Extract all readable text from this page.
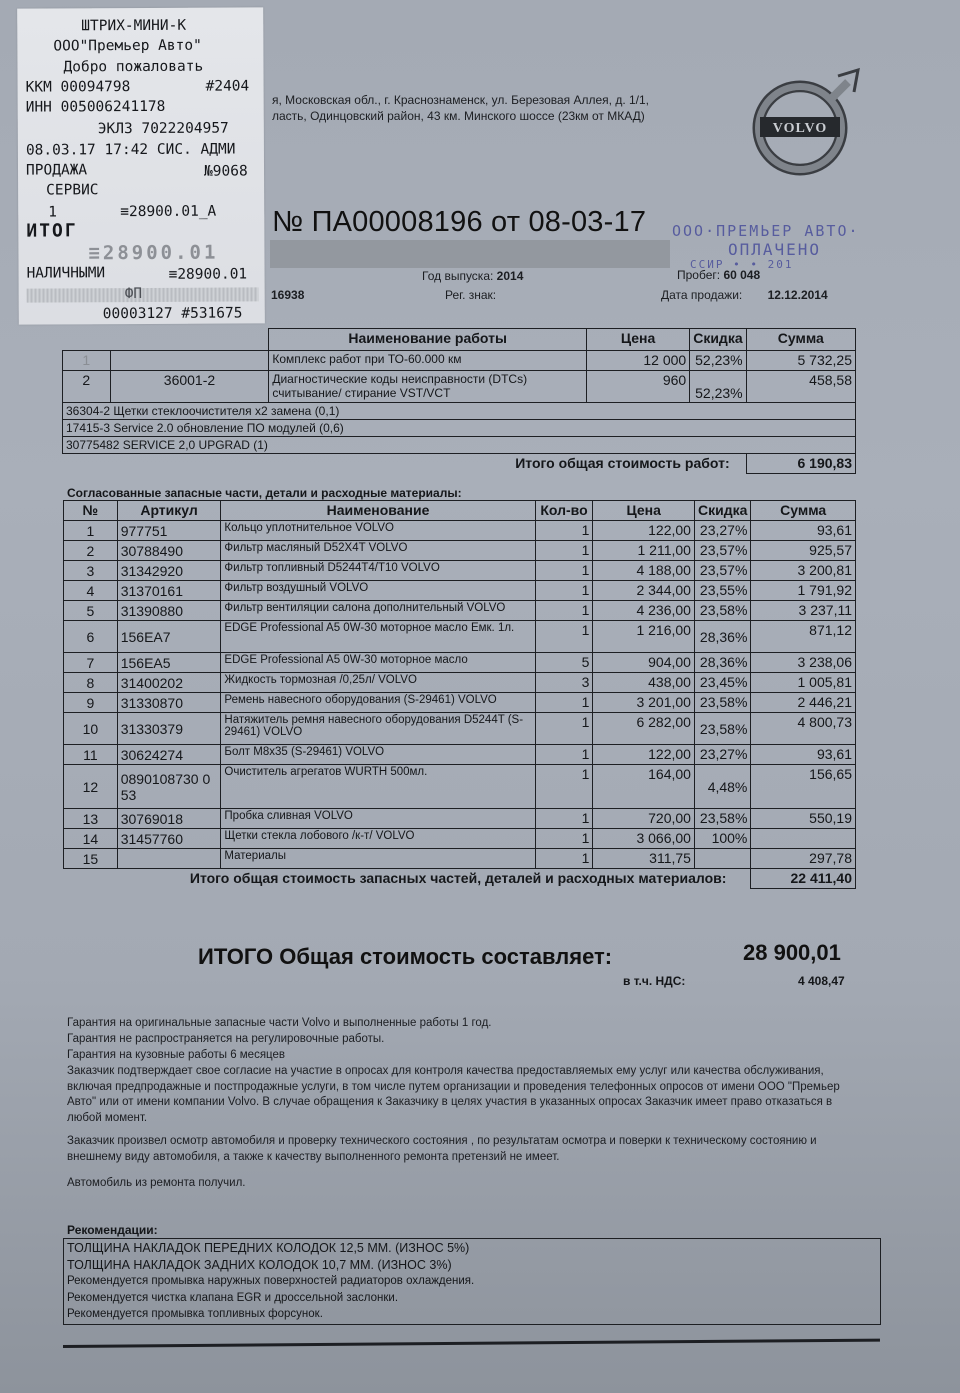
я, Московская обл., г. Краснознаменск, ул. Березовая Аллея, д. 1/1,
ласть, Одинцовский район, 43 км. Минского шоссе (23км от МКАД)
VOLVO
№ ПА00008196 от 08-03-17 ООО·ПРЕМЬЕР АВТО·
ОПЛАЧЕНО
ССИР • • 201
Год выпуска: 2014	Пробег: 60 048
16938	Рег. знак:	Дата продажи: 12.12.2014
		Наименование работы	Цена	Скидка	Сумма
1		Комплекс работ при ТО-60.000 км	12 000	52,23%	5 732,25
2	36001-2	Диагностические коды неисправности (DTCs) считывание/ стирание VST/VCT	960	52,23%	458,58
36304-2 Щетки стеклоочистителя x2 замена (0,1)					
17415-3 Service 2.0 обновление ПО модулей (0,6)					
30775482 SERVICE 2,0 UPGRAD (1)					
Итого общая стоимость работ:					6 190,83
Согласованные запасные части, детали и расходные материалы:
№	Артикул	Наименование	Кол-во	Цена	Скидка	Сумма
1	977751	Кольцо уплотнительное VOLVO	1	122,00	23,27%	93,61
2	30788490	Фильтр масляный D52X4T VOLVO	1	1 211,00	23,57%	925,57
3	31342920	Фильтр топливный D5244T4/T10 VOLVO	1	4 188,00	23,57%	3 200,81
4	31370161	Фильтр воздушный VOLVO	1	2 344,00	23,55%	1 791,92
5	31390880	Фильтр вентиляции салона дополнительный VOLVO	1	4 236,00	23,58%	3 237,11
6	156EA7	EDGE Professional A5 0W-30 моторное масло Емк. 1л.	1	1 216,00	28,36%	871,12
7	156EA5	EDGE Professional A5 0W-30 моторное масло	5	904,00	28,36%	3 238,06
8	31400202	Жидкость тормозная /0,25л/ VOLVO	3	438,00	23,45%	1 005,81
9	31330870	Ремень навесного оборудования (S-29461) VOLVO	1	3 201,00	23,58%	2 446,21
10	31330379	Натяжитель ремня навесного оборудования D5244T (S-29461) VOLVO	1	6 282,00	23,58%	4 800,73
11	30624274	Болт M8x35 (S-29461) VOLVO	1	122,00	23,27%	93,61
12	0890108730 053	Очиститель агрегатов WURTH 500мл.	1	164,00	4,48%	156,65
13	30769018	Пробка сливная VOLVO	1	720,00	23,58%	550,19
14	31457760	Щетки стекла лобового /к-т/ VOLVO	1	3 066,00	100%	
15		Материалы	1	311,75		297,78
Итого общая стоимость запасных частей, деталей и расходных материалов:						22 411,40
ИТОГО Общая стоимость составляет:	28 900,01
в т.ч. НДС:	4 408,47
Гарантия на оригинальные запасные части Volvo и выполненные работы 1 год.
Гарантия не распространяется на регулировочные работы.
Гарантия на кузовные работы 6 месяцев
Заказчик подтверждает свое согласие на участие в опросах для контроля качества предоставляемых ему услуг или качества обслуживания, включая предпродажные и постпродажные услуги, в том числе путем организации и проведения телефонных опросов от имени ООО "Премьер Авто" или от имени компании Volvo. В случае обращения к Заказчику в целях участия в указанных опросах Заказчик имеет право отказаться в любой момент.
Заказчик произвел осмотр автомобиля и проверку технического состояния , по результатам осмотра и поверки к техническому состоянию и внешнему виду автомобиля, а также к качеству выполненного ремонта претензий не имеет.
Автомобиль из ремонта получил.
Рекомендации:
ТОЛЩИНА НАКЛАДОК ПЕРЕДНИХ КОЛОДОК 12,5 ММ. (ИЗНОС 5%)
ТОЛЩИНА НАКЛАДОК ЗАДНИХ КОЛОДОК 10,7 ММ. (ИЗНОС 3%)
Рекомендуется промывка наружных поверхностей радиаторов охлаждения.
Рекомендуется чистка клапана EGR и дроссельной заслонки.
Рекомендуется промывка топливных форсунок.
ШТРИХ-МИНИ-К
ООО"Премьер Авто"
Добро пожаловать
ККМ 00094798	#2404
ИНН 005006241178
ЭКЛЗ 7022204957
08.03.17 17:42 СИС. АДМИ
ПРОДАЖА	№9068
СЕРВИС
1	≡28900.01_А
ИТОГ
≡28900.01
НАЛИЧНЫМИ	≡28900.01
ФП
00003127 #531675
